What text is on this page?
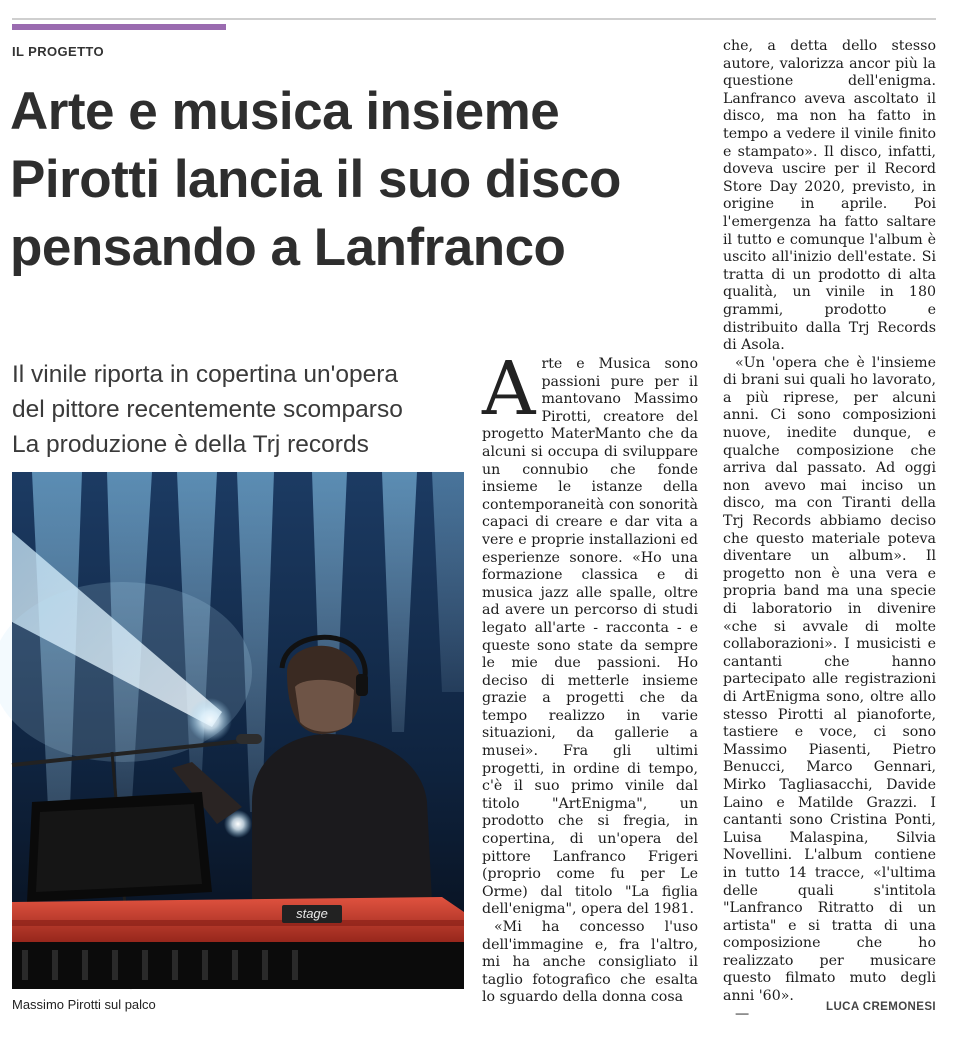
IL PROGETTO
Arte e musica insieme
Pirotti lancia il suo disco
pensando a Lanfranco
Il vinile riporta in copertina un'opera
del pittore recentemente scomparso
La produzione è della Trj records
stage
Massimo Pirotti sul palco

Arte e Musica sono passioni pure per il mantovano Massimo Pirotti, creatore del progetto MaterManto che da alcuni si occupa di sviluppare un connubio che fonde insieme le istanze della contemporaneità con sonorità capaci di creare e dar vita a vere e proprie installazioni ed esperienze sonore. «Ho una formazione classica e di musica jazz alle spalle, oltre ad avere un percorso di studi legato all'arte - racconta - e queste sono state da sempre le mie due passioni. Ho deciso di metterle insieme grazie a progetti che da tempo realizzo in varie situazioni, da gallerie a musei». Fra gli ultimi progetti, in ordine di tempo, c'è il suo primo vinile dal titolo "ArtEnigma", un prodotto che si fregia, in copertina, di un'opera del pittore Lanfranco Frigeri (proprio come fu per Le Orme) dal titolo "La figlia dell'enigma", opera del 1981.

«Mi ha concesso l'uso dell'immagine e, fra l'altro, mi ha anche consigliato il taglio fotografico che esalta lo sguardo della donna cosa

che, a detta dello stesso autore, valorizza ancor più la questione dell'enigma. Lanfranco aveva ascoltato il disco, ma non ha fatto in tempo a vedere il vinile finito e stampato». Il disco, infatti, doveva uscire per il Record Store Day 2020, previsto, in origine in aprile. Poi l'emergenza ha fatto saltare il tutto e comunque l'album è uscito all'inizio dell'estate. Si tratta di un prodotto di alta qualità, un vinile in 180 grammi, prodotto e distribuito dalla Trj Records di Asola.

«Un 'opera che è l'insieme di brani sui quali ho lavorato, a più riprese, per alcuni anni. Ci sono composizioni nuove, inedite dunque, e qualche composizione che arriva dal passato. Ad oggi non avevo mai inciso un disco, ma con Tiranti della Trj Records abbiamo deciso che questo materiale poteva diventare un album». Il progetto non è una vera e propria band ma una specie di laboratorio in divenire «che si avvale di molte collaborazioni». I musicisti e cantanti che hanno partecipato alle registrazioni di ArtEnigma sono, oltre allo stesso Pirotti al pianoforte, tastiere e voce, ci sono Massimo Piasenti, Pietro Benucci, Marco Gennari, Mirko Tagliasacchi, Davide Laino e Matilde Grazzi. I cantanti sono Cristina Ponti, Luisa Malaspina, Silvia Novellini. L'album contiene in tutto 14 tracce, «l'ultima delle quali s'intitola "Lanfranco Ritratto di un artista" e si tratta di una composizione che ho realizzato per musicare questo filmato muto degli anni '60».

—	LUCA CREMONESI
